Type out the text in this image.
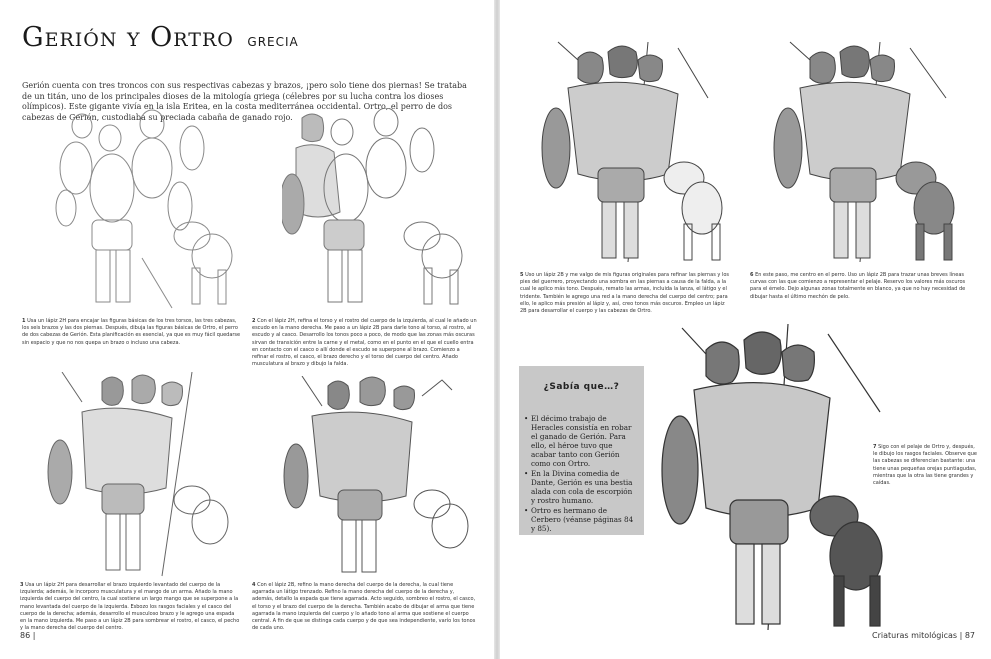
Gerión y Ortro GRECIA

Gerión cuenta con tres troncos con sus respectivas cabezas y brazos, ¡pero solo tiene dos piernas! Se trataba de un titán, uno de los principales dioses de la mitología griega (célebres por su lucha contra los dioses olímpicos). Este gigante vivía en la isla Eritea, en la costa mediterránea occidental. Ortro, el perro de dos cabezas de Gerión, custodiaba su preciada cabaña de ganado rojo.

1 Usa un lápiz 2H para encajar las figuras básicas de los tres torsos, las tres cabezas, los seis brazos y las dos piernas. Después, dibuja las figuras básicas de Ortro, el perro de dos cabezas de Gerión. Esta planificación es esencial, ya que es muy fácil quedarse sin espacio y que no nos quepa un brazo o incluso una cabeza.
2 Con el lápiz 2H, refina el torso y el rostro del cuerpo de la izquierda, al cual le añado un escudo en la mano derecha. Me paso a un lápiz 2B para darle tono al torso, al rostro, al escudo y al casco. Desarrollo los tonos poco a poco, de modo que las zonas más oscuras sirvan de transición entre la carne y el metal, como en el punto en el que el cuello entra en contacto con el casco o allí donde el escudo se superpone al brazo. Comienzo a refinar el rostro, el casco, el brazo derecho y el torso del cuerpo del centro. Añado musculatura al brazo y dibujo la falda.
3 Usa un lápiz 2H para desarrollar el brazo izquierdo levantado del cuerpo de la izquierda; además, le incorporo musculatura y el mango de un arma. Añado la mano izquierda del cuerpo del centro, la cual sostiene un largo mango que se superpone a la mano levantada del cuerpo de la izquierda. Esbozo los rasgos faciales y el casco del cuerpo de la derecha; además, desarrollo el musculoso brazo y le agrego una espada en la mano izquierda. Me paso a un lápiz 2B para sombrear el rostro, el casco, el pecho y la mano derecha del cuerpo del centro.
4 Con el lápiz 2B, refino la mano derecha del cuerpo de la derecha, la cual tiene agarrada un látigo trenzado. Refino la mano derecha del cuerpo de la derecha y, además, detallo la espada que tiene agarrada. Acto seguido, sombreo el rostro, el casco, el torso y el brazo del cuerpo de la derecha. También acabo de dibujar el arma que tiene agarrada la mano izquierda del cuerpo y lo añado tono al arma que sostiene el cuerpo central. A fin de que se distinga cada cuerpo y de que sea independiente, varío los tonos de cada uno.
5 Uso un lápiz 2B y me valgo de mis figuras originales para refinar las piernas y los pies del guerrero, proyectando una sombra en las piernas a causa de la falda, a la cual le aplico más tono. Después, remato las armas, incluida la lanza, el látigo y el tridente. También le agrego una red a la mano derecha del cuerpo del centro; para ello, le aplico más presión al lápiz y, así, creo tonos más oscuros. Empleo un lápiz 2B para desarrollar el cuerpo y las cabezas de Ortro.
6 En este paso, me centro en el perro. Uso un lápiz 2B para trazar unas breves líneas curvas con las que comienzo a representar el pelaje. Reservo los valores más oscuros para el émelo. Dejo algunas zonas totalmente en blanco, ya que no hay necesidad de dibujar hasta el último mechón de pelo.
¿Sabía que…?
• El décimo trabajo de Heracles consistía en robar el ganado de Gerión. Para ello, el héroe tuvo que acabar tanto con Gerión como con Ortro.
• En la Divina comedia de Dante, Gerión es una bestia alada con cola de escorpión y rostro humano.
• Ortro es hermano de Cerbero (véanse páginas 84 y 85).
7 Sigo con el pelaje de Ortro y, después, le dibujo los rasgos faciales. Observe que las cabezas se diferencian bastante: una tiene unas pequeñas orejas puntiagudas, mientras que la otra las tiene grandes y caídas.
86 |	Criaturas mitológicas | 87
